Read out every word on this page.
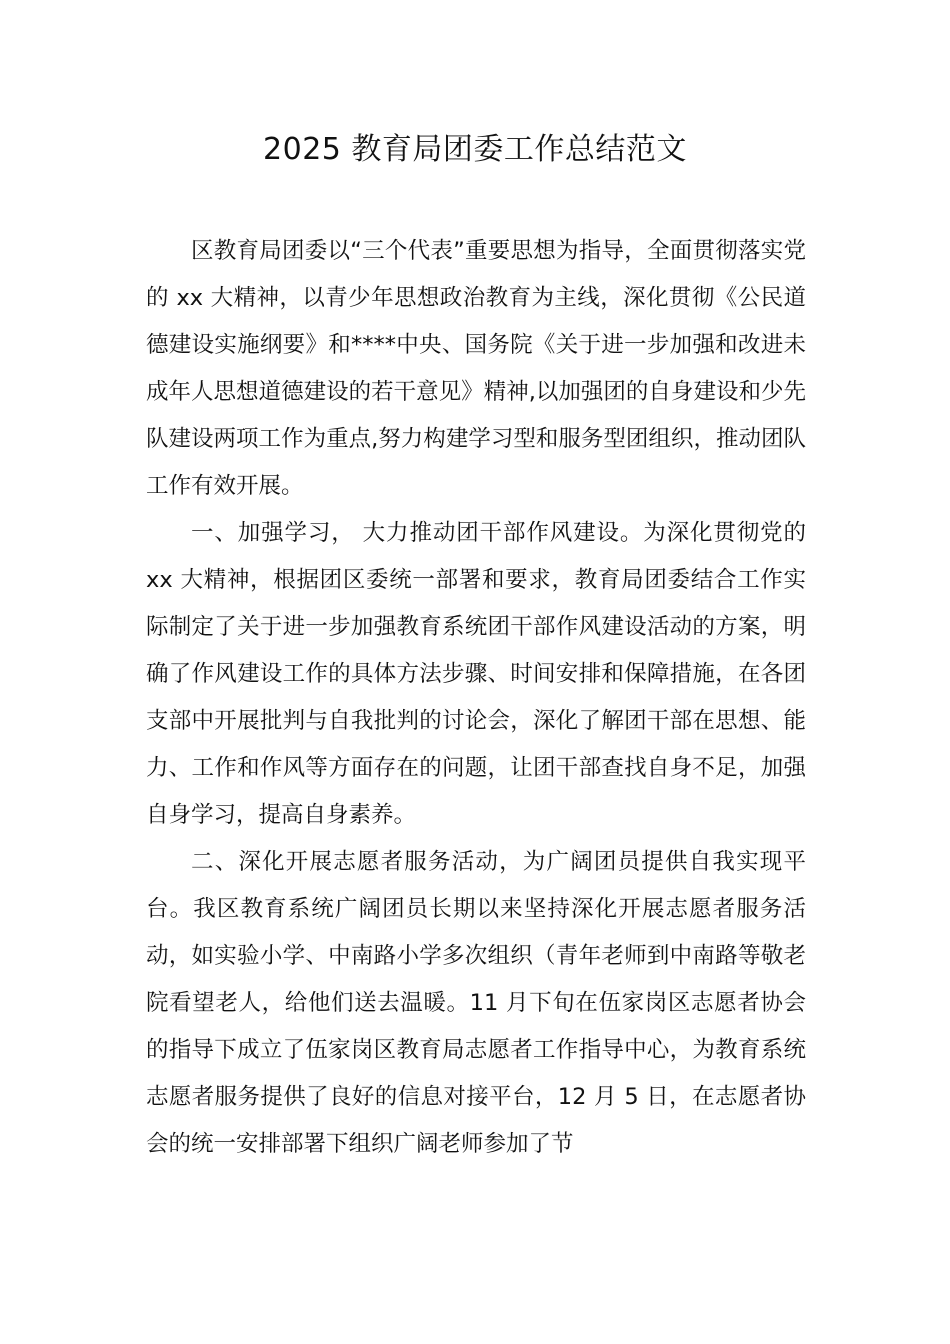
2025 教育局团委工作总结范文

区教育局团委以“三个代表”重要思想为指导，全面贯彻落实党的 xx 大精神，以青少年思想政治教育为主线，深化贯彻《公民道德建设实施纲要》和****中央、国务院《关于进一步加强和改进未成年人思想道德建设的若干意见》精神,以加强团的自身建设和少先队建设两项工作为重点,努力构建学习型和服务型团组织，推动团队工作有效开展。

一、加强学习， 大力推动团干部作风建设。为深化贯彻党的 xx 大精神，根据团区委统一部署和要求，教育局团委结合工作实际制定了关于进一步加强教育系统团干部作风建设活动的方案，明确了作风建设工作的具体方法步骤、时间安排和保障措施，在各团支部中开展批判与自我批判的讨论会，深化了解团干部在思想、能力、工作和作风等方面存在的问题，让团干部查找自身不足，加强自身学习，提高自身素养。

二、深化开展志愿者服务活动，为广阔团员提供自我实现平台。我区教育系统广阔团员长期以来坚持深化开展志愿者服务活动，如实验小学、中南路小学多次组织（青年老师到中南路等敬老院看望老人，给他们送去温暖。11 月下旬在伍家岗区志愿者协会的指导下成立了伍家岗区教育局志愿者工作指导中心，为教育系统志愿者服务提供了良好的信息对接平台，12 月 5 日，在志愿者协会的统一安排部署下组织广阔老师参加了节
